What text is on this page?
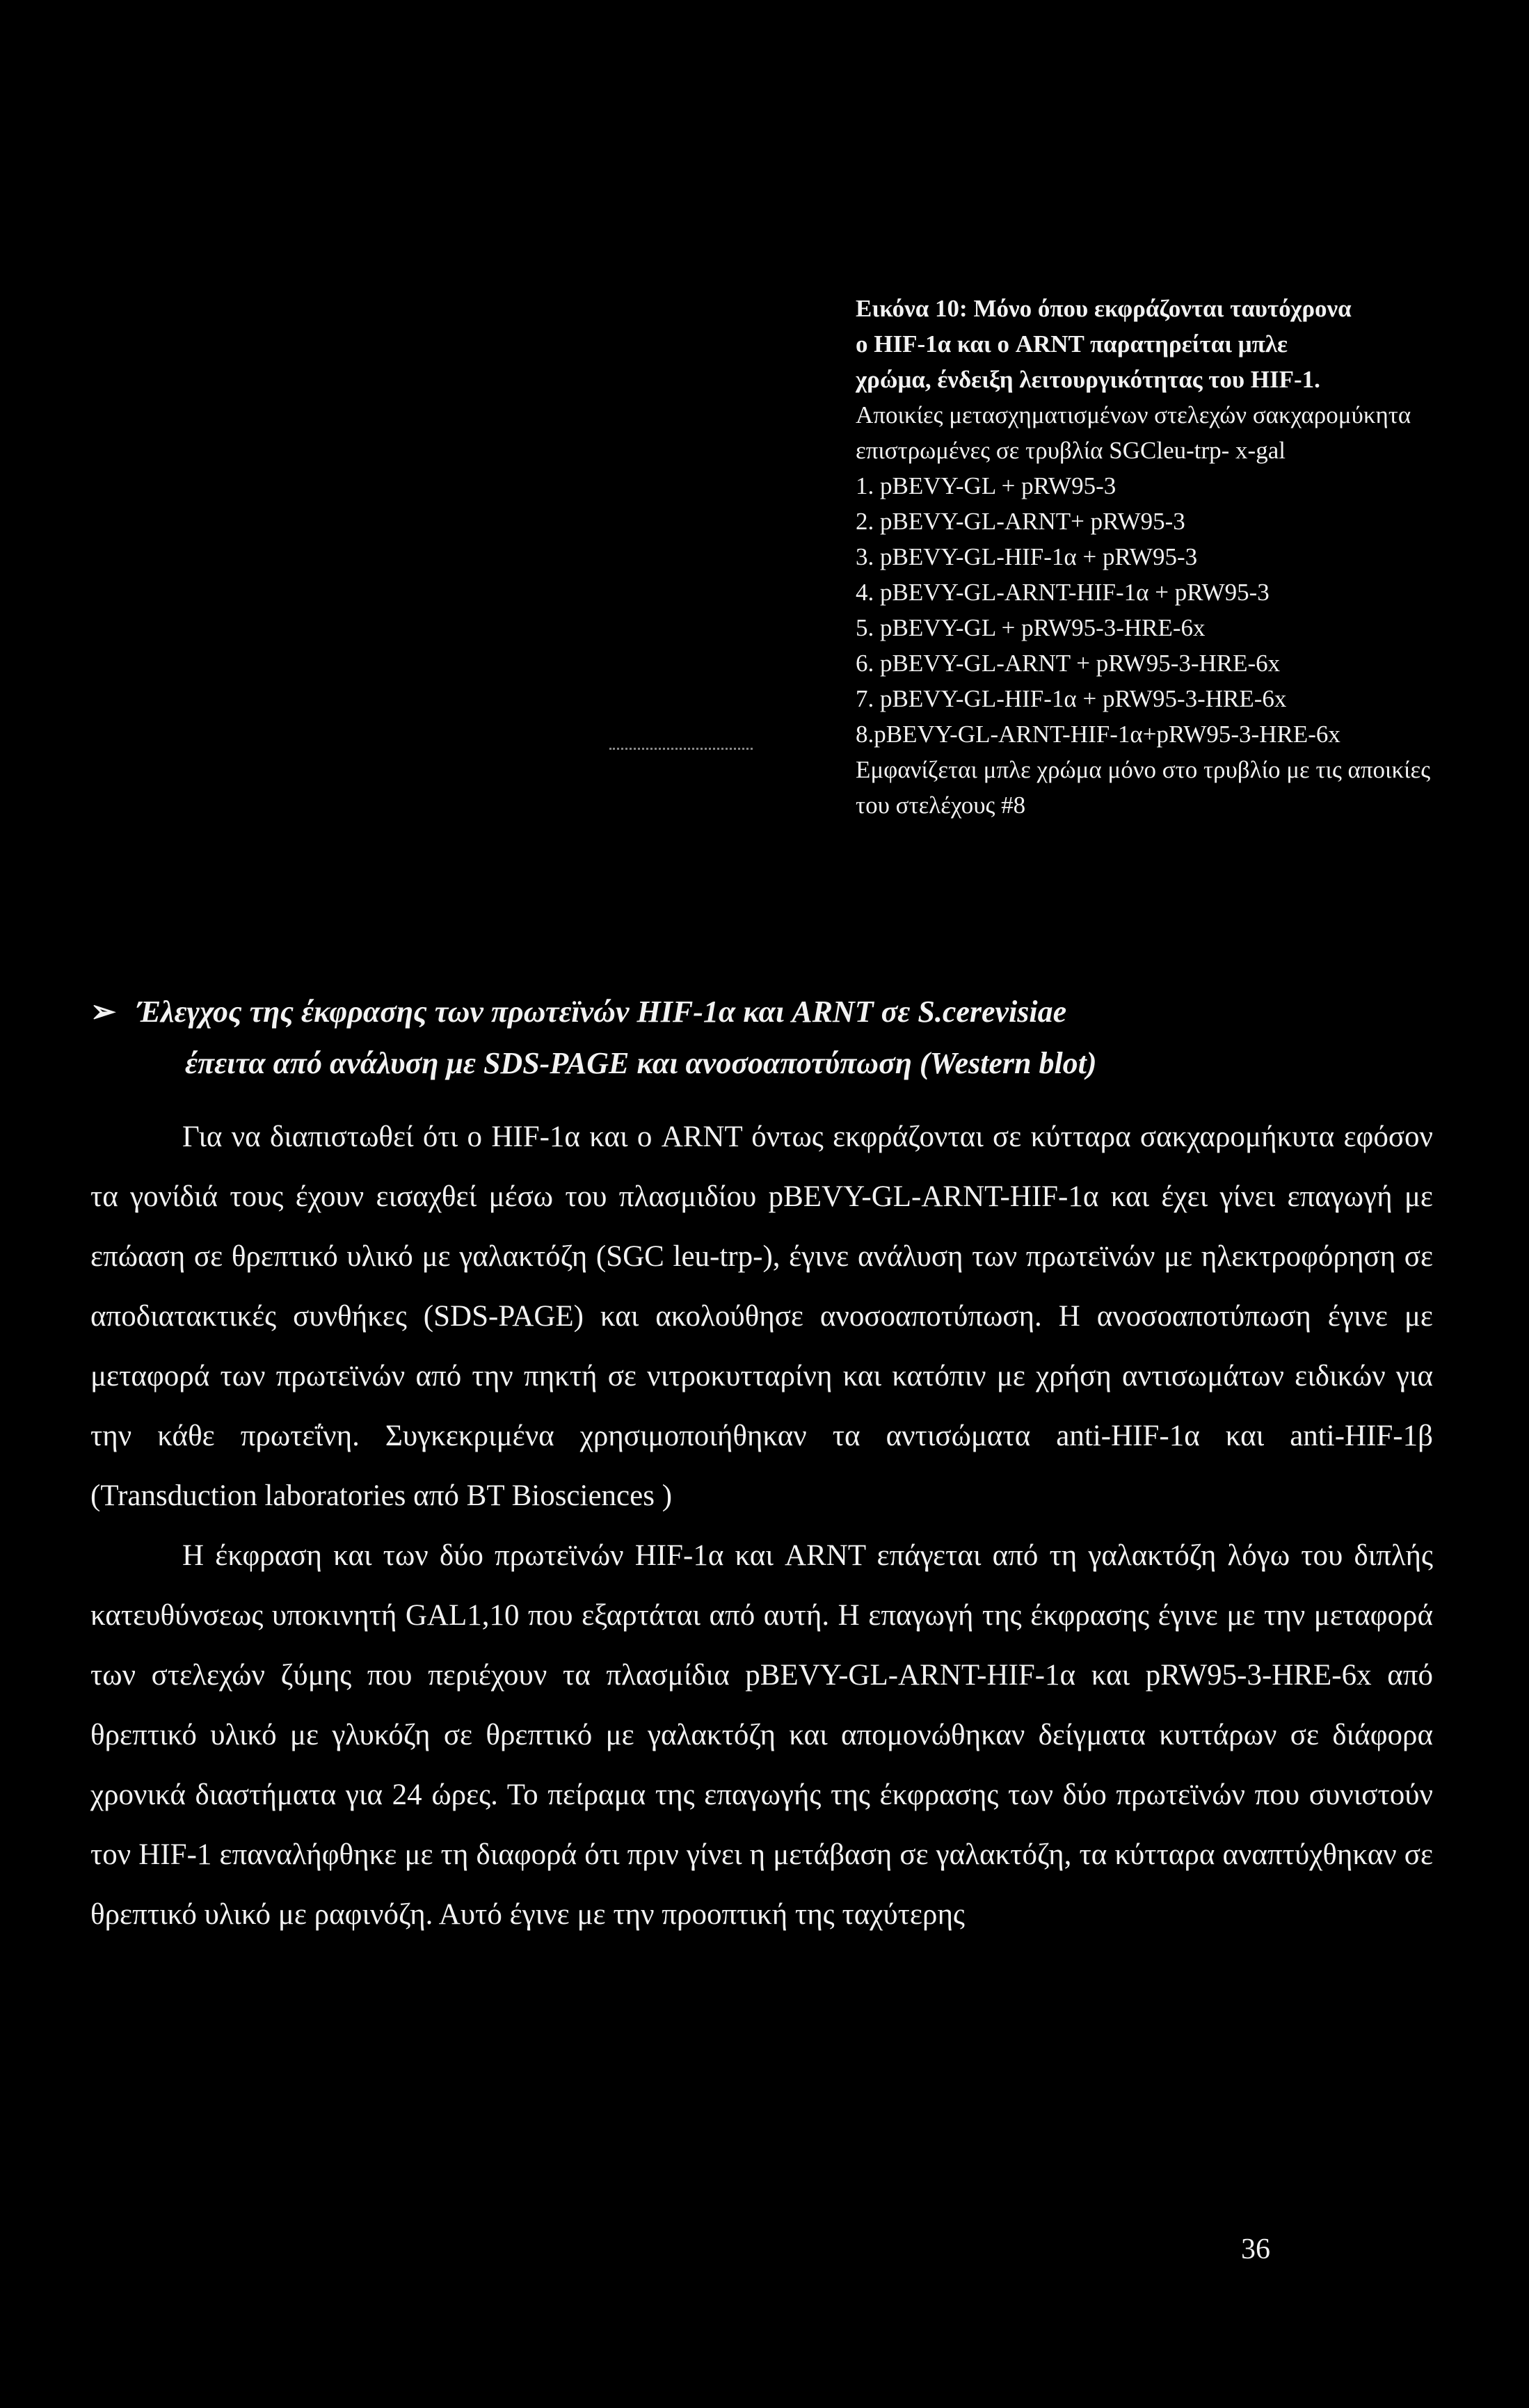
Εικόνα 10: Μόνο όπου εκφράζονται ταυτόχρονα
ο HIF-1α και ο ARNT παρατηρείται μπλε
χρώμα, ένδειξη λειτουργικότητας του HIF-1.
Αποικίες μετασχηματισμένων στελεχών σακχαρομύκητα επιστρωμένες σε τρυβλία SGCleu-trp- x-gal
1. pBEVY-GL + pRW95-3
2. pBEVY-GL-ARNT+ pRW95-3
3. pBEVY-GL-HIF-1α + pRW95-3
4. pBEVY-GL-ARNT-HIF-1α + pRW95-3
5. pBEVY-GL + pRW95-3-HRE-6x
6. pBEVY-GL-ARNT + pRW95-3-HRE-6x
7. pBEVY-GL-HIF-1α + pRW95-3-HRE-6x
8.pBEVY-GL-ARNT-HIF-1α+pRW95-3-HRE-6x
Εμφανίζεται μπλε χρώμα μόνο στο τρυβλίο με τις αποικίες του στελέχους #8
➢ Έλεγχος της έκφρασης των πρωτεϊνών HIF-1α και ARNT σε S.cerevisiae
έπειτα από ανάλυση με SDS-PAGE και ανοσοαποτύπωση (Western blot)

Για να διαπιστωθεί ότι ο HIF-1α και ο ARNT όντως εκφράζονται σε κύτταρα σακχαρομήκυτα εφόσον τα γονίδιά τους έχουν εισαχθεί μέσω του πλασμιδίου pBEVY-GL-ARNT-HIF-1α και έχει γίνει επαγωγή με επώαση σε θρεπτικό υλικό με γαλακτόζη (SGC leu-trp-), έγινε ανάλυση των πρωτεϊνών με ηλεκτροφόρηση σε αποδιατακτικές συνθήκες (SDS-PAGE) και ακολούθησε ανοσοαποτύπωση. Η ανοσοαποτύπωση έγινε με μεταφορά των πρωτεϊνών από την πηκτή σε νιτροκυτταρίνη και κατόπιν με χρήση αντισωμάτων ειδικών για την κάθε πρωτεΐνη. Συγκεκριμένα χρησιμοποιήθηκαν τα αντισώματα anti-HIF-1α και anti-HIF-1β (Transduction laboratories από BT Biosciences )

Η έκφραση και των δύο πρωτεϊνών HIF-1α και ARNT επάγεται από τη γαλακτόζη λόγω του διπλής κατευθύνσεως υποκινητή GAL1,10 που εξαρτάται από αυτή. Η επαγωγή της έκφρασης έγινε με την μεταφορά των στελεχών ζύμης που περιέχουν τα πλασμίδια pBEVY-GL-ARNT-HIF-1α και pRW95-3-HRE-6x από θρεπτικό υλικό με γλυκόζη σε θρεπτικό με γαλακτόζη και απομονώθηκαν δείγματα κυττάρων σε διάφορα χρονικά διαστήματα για 24 ώρες. Το πείραμα της επαγωγής της έκφρασης των δύο πρωτεϊνών που συνιστούν τον HIF-1 επαναλήφθηκε με τη διαφορά ότι πριν γίνει η μετάβαση σε γαλακτόζη, τα κύτταρα αναπτύχθηκαν σε θρεπτικό υλικό με ραφινόζη. Αυτό έγινε με την προοπτική της ταχύτερης

36
